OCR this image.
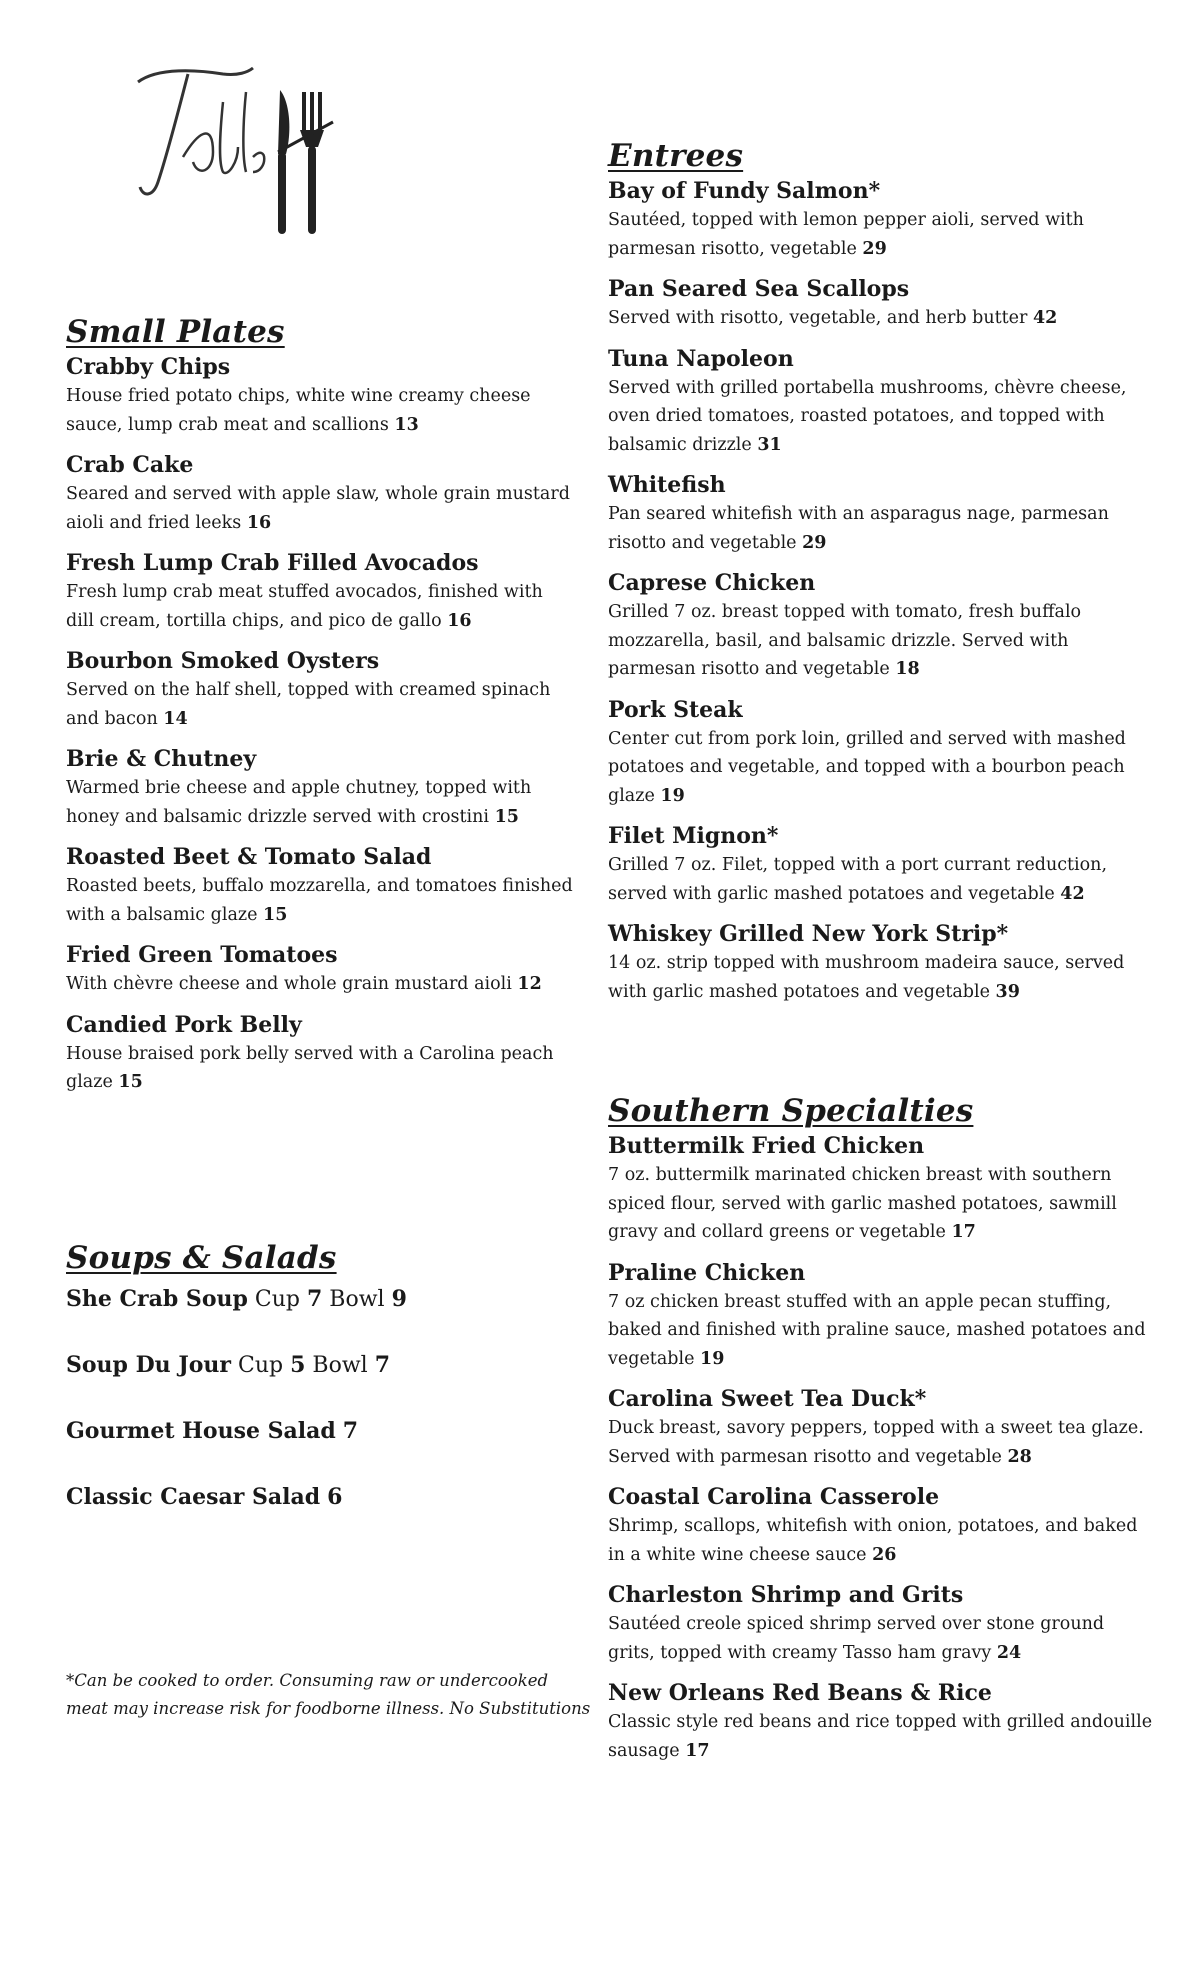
Small Plates
Crabby Chips
House fried potato chips, white wine creamy cheese sauce, lump crab meat and scallions 13
Crab Cake
Seared and served with apple slaw, whole grain mustard aioli and fried leeks 16
Fresh Lump Crab Filled Avocados
Fresh lump crab meat stuffed avocados, finished with dill cream, tortilla chips, and pico de gallo 16
Bourbon Smoked Oysters
Served on the half shell, topped with creamed spinach and bacon 14
Brie & Chutney
Warmed brie cheese and apple chutney, topped with honey and balsamic drizzle served with crostini 15
Roasted Beet & Tomato Salad
Roasted beets, buffalo mozzarella, and tomatoes finished with a balsamic glaze 15
Fried Green Tomatoes
With chèvre cheese and whole grain mustard aioli 12
Candied Pork Belly
House braised pork belly served with a Carolina peach glaze 15
Soups & Salads
She Crab Soup Cup 7 Bowl 9
Soup Du Jour Cup 5 Bowl 7
Gourmet House Salad 7
Classic Caesar Salad 6
*Can be cooked to order. Consuming raw or undercooked
meat may increase risk for foodborne illness. No Substitutions
Entrees
Bay of Fundy Salmon*
Sautéed, topped with lemon pepper aioli, served with parmesan risotto, vegetable 29
Pan Seared Sea Scallops
Served with risotto, vegetable, and herb butter 42
Tuna Napoleon
Served with grilled portabella mushrooms, chèvre cheese, oven dried tomatoes, roasted potatoes, and topped with balsamic drizzle 31
Whitefish
Pan seared whitefish with an asparagus nage, parmesan risotto and vegetable 29
Caprese Chicken
Grilled 7 oz. breast topped with tomato, fresh buffalo mozzarella, basil, and balsamic drizzle. Served with parmesan risotto and vegetable 18
Pork Steak
Center cut from pork loin, grilled and served with mashed potatoes and vegetable, and topped with a bourbon peach glaze 19
Filet Mignon*
Grilled 7 oz. Filet, topped with a port currant reduction, served with garlic mashed potatoes and vegetable 42
Whiskey Grilled New York Strip*
14 oz. strip topped with mushroom madeira sauce, served with garlic mashed potatoes and vegetable 39
Southern Specialties
Buttermilk Fried Chicken
7 oz. buttermilk marinated chicken breast with southern spiced flour, served with garlic mashed potatoes, sawmill gravy and collard greens or vegetable 17
Praline Chicken
7 oz chicken breast stuffed with an apple pecan stuffing, baked and finished with praline sauce, mashed potatoes and vegetable 19
Carolina Sweet Tea Duck*
Duck breast, savory peppers, topped with a sweet tea glaze. Served with parmesan risotto and vegetable 28
Coastal Carolina Casserole
Shrimp, scallops, whitefish with onion, potatoes, and baked in a white wine cheese sauce 26
Charleston Shrimp and Grits
Sautéed creole spiced shrimp served over stone ground grits, topped with creamy Tasso ham gravy 24
New Orleans Red Beans & Rice
Classic style red beans and rice topped with grilled andouille sausage 17
